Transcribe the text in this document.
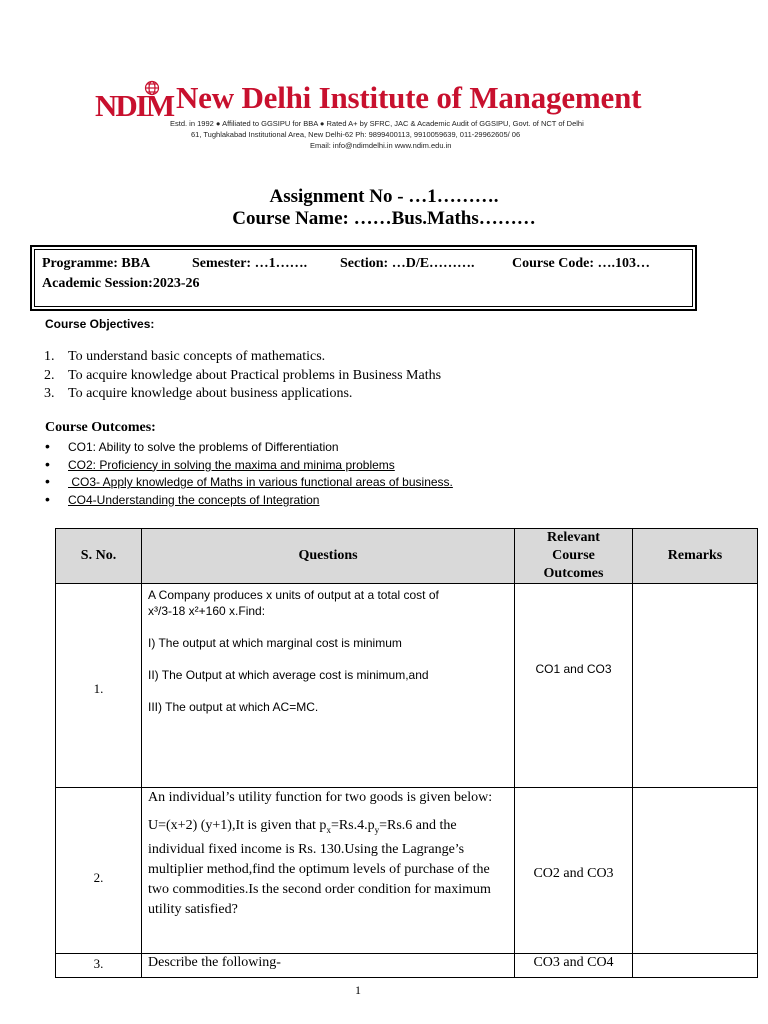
NDIM New Delhi Institute of Management
Estd. in 1992 ● Affiliated to GGSIPU for BBA ● Rated A+ by SFRC, JAC & Academic Audit of GGSIPU, Govt. of NCT of Delhi
61, Tughlakabad Institutional Area, New Delhi-62 Ph: 9899400113, 9910059639, 011-29962605/ 06
Email: info@ndimdelhi.in www.ndim.edu.in
Assignment No - …1……….
Course Name: ……Bus.Maths………
Programme: BBA	Semester: …1……. Section: …D/E……….	Course Code: ….103…
Academic Session:2023-26
Course Objectives:
1. To understand basic concepts of mathematics.
2. To acquire knowledge about Practical problems in Business Maths
3. To acquire knowledge about business applications.
Course Outcomes:
• CO1: Ability to solve the problems of Differentiation
• CO2: Proficiency in solving the maxima and minima problems
• CO3- Apply knowledge of Maths in various functional areas of business.
• CO4-Understanding the concepts of Integration
S. No.	Questions	Relevant
Course
Outcomes	Remarks
1.	A Company produces x units of output at a total cost of

x³/3-18 x²+160 x.Find:

I) The output at which marginal cost is minimum

II) The Output at which average cost is minimum,and

III) The output at which AC=MC.	CO1 and CO3	
2.	An individual’s utility function for two goods is given below:

U=(x+2) (y+1),It is given that $p_x=Rs.4.p_y=Rs.6$ and the individual fixed income is Rs. 130.Using the Lagrange’s multiplier method,find the optimum levels of purchase of the two commodities.Is the second order condition for maximum utility satisfied?	CO2 and CO3	
3.	Describe the following-	CO3 and CO4	
1
